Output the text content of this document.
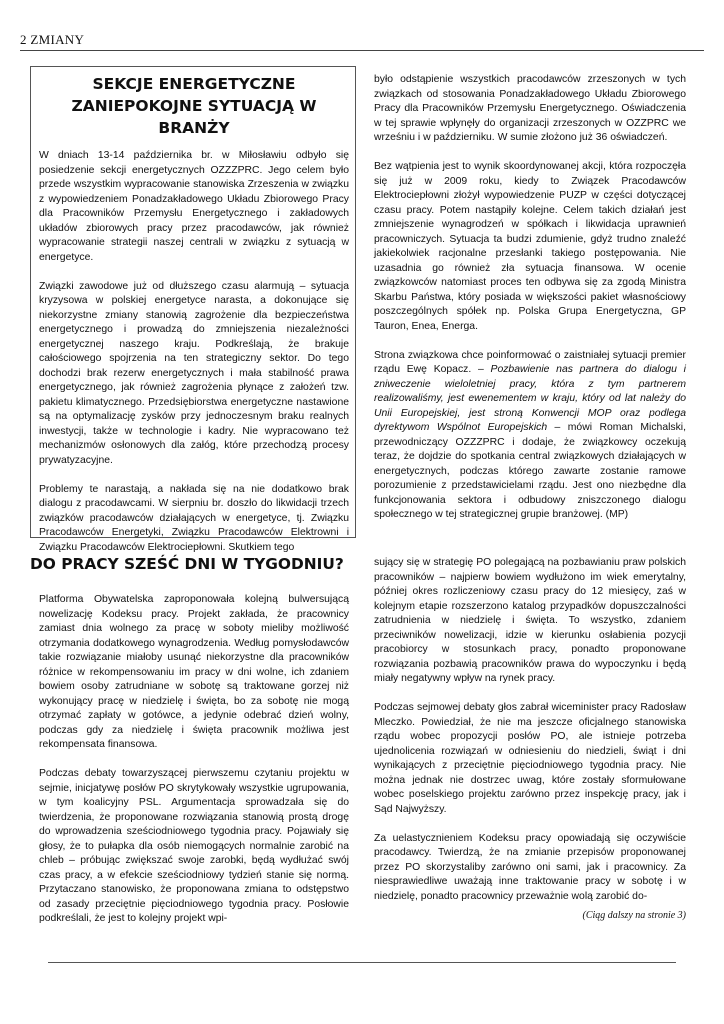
2 ZMIANY
SEKCJE ENERGETYCZNE
ZANIEPOKOJNE SYTUACJĄ W BRANŻY

W dniach 13-14 października br. w Miłosławiu odbyło się posiedzenie sekcji energetycznych OZZZPRC. Jego celem było przede wszystkim wypracowanie stanowiska Zrzeszenia w związku z wypowiedzeniem Ponadzakładowego Układu Zbiorowego Pracy dla Pracowników Przemysłu Energetycznego i zakładowych układów zbiorowych pracy przez pracodawców, jak również wypracowanie strategii naszej centrali w związku z sytuacją w energetyce.

Związki zawodowe już od dłuższego czasu alarmują – sytuacja kryzysowa w polskiej energetyce narasta, a dokonujące się niekorzystne zmiany stanowią zagrożenie dla bezpieczeństwa energetycznego i prowadzą do zmniejszenia niezależności energetycznej naszego kraju. Podkreślają, że brakuje całościowego spojrzenia na ten strategiczny sektor. Do tego dochodzi brak rezerw energetycznych i mała stabilność prawa energetycznego, jak również zagrożenia płynące z założeń tzw. pakietu klimatycznego. Przedsiębiorstwa energetyczne nastawione są na optymalizację zysków przy jednoczesnym braku realnych inwestycji, także w technologie i kadry. Nie wypracowano też mechanizmów osłonowych dla załóg, które przechodzą procesy prywatyzacyjne.

Problemy te narastają, a nakłada się na nie dodatkowo brak dialogu z pracodawcami. W sierpniu br. doszło do likwidacji trzech związków pracodawców działających w energetyce, tj. Związku Pracodawców Energetyki, Związku Pracodawców Elektrowni i Związku Pracodawców Elektrociepłowni. Skutkiem tego

było odstąpienie wszystkich pracodawców zrzeszonych w tych związkach od stosowania Ponadzakładowego Układu Zbiorowego Pracy dla Pracowników Przemysłu Energetycznego. Oświadczenia w tej sprawie wpłynęły do organizacji zrzeszonych w OZZPRC we wrześniu i w październiku. W sumie złożono już 36 oświadczeń.

Bez wątpienia jest to wynik skoordynowanej akcji, która rozpoczęła się już w 2009 roku, kiedy to Związek Pracodawców Elektrociepłowni złożył wypowiedzenie PUZP w części dotyczącej czasu pracy. Potem nastąpiły kolejne. Celem takich działań jest zmniejszenie wynagrodzeń w spółkach i likwidacja uprawnień pracowniczych. Sytuacja ta budzi zdumienie, gdyż trudno znaleźć jakiekolwiek racjonalne przesłanki takiego postępowania. Nie uzasadnia go również zła sytuacja finansowa. W ocenie związkowców natomiast proces ten odbywa się za zgodą Ministra Skarbu Państwa, który posiada w większości pakiet własnościowy poszczególnych spółek np. Polska Grupa Energetyczna, GP Tauron, Enea, Energa.

Strona związkowa chce poinformować o zaistniałej sytuacji premier rządu Ewę Kopacz. – Pozbawienie nas partnera do dialogu i zniweczenie wieloletniej pracy, która z tym partnerem realizowaliśmy, jest ewenementem w kraju, który od lat należy do Unii Europejskiej, jest stroną Konwencji MOP oraz podlega dyrektywom Wspólnot Europejskich – mówi Roman Michalski, przewodniczący OZZZPRC i dodaje, że związkowcy oczekują teraz, że dojdzie do spotkania central związkowych działających w energetycznych, podczas którego zawarte zostanie ramowe porozumienie z przedstawicielami rządu. Jest ono niezbędne dla funkcjonowania sektora i odbudowy zniszczonego dialogu społecznego w tej strategicznej grupie branżowej. (MP)

DO PRACY SZEŚĆ DNI W TYGODNIU?

Platforma Obywatelska zaproponowała kolejną bulwersującą nowelizację Kodeksu pracy. Projekt zakłada, że pracownicy zamiast dnia wolnego za pracę w soboty mieliby możliwość otrzymania dodatkowego wynagrodzenia. Według pomysłodawców takie rozwiązanie miałoby usunąć niekorzystne dla pracowników różnice w rekompensowaniu im pracy w dni wolne, ich zdaniem bowiem osoby zatrudniane w sobotę są traktowane gorzej niż wykonujący pracę w niedzielę i święta, bo za sobotę nie mogą otrzymać zapłaty w gotówce, a jedynie odebrać dzień wolny, podczas gdy za niedzielę i święta pracownik możliwa jest rekompensata finansowa.

Podczas debaty towarzyszącej pierwszemu czytaniu projektu w sejmie, inicjatywę posłów PO skrytykowały wszystkie ugrupowania, w tym koalicyjny PSL. Argumentacja sprowadzała się do twierdzenia, że proponowane rozwiązania stanowią prostą drogę do wprowadzenia sześciodniowego tygodnia pracy. Pojawiały się głosy, że to pułapka dla osób niemogących normalnie zarobić na chleb – próbując zwiększać swoje zarobki, będą wydłużać swój czas pracy, a w efekcie sześciodniowy tydzień stanie się normą. Przytaczano stanowisko, że proponowana zmiana to odstępstwo od zasady przeciętnie pięciodniowego tygodnia pracy. Posłowie podkreślali, że jest to kolejny projekt wpi-

sujący się w strategię PO polegającą na pozbawianiu praw polskich pracowników – najpierw bowiem wydłużono im wiek emerytalny, później okres rozliczeniowy czasu pracy do 12 miesięcy, zaś w kolejnym etapie rozszerzono katalog przypadków dopuszczalności zatrudnienia w niedzielę i święta. To wszystko, zdaniem przeciwników nowelizacji, idzie w kierunku osłabienia pozycji pracobiorcy w stosunkach pracy, ponadto proponowane rozwiązania pozbawią pracowników prawa do wypoczynku i będą miały negatywny wpływ na rynek pracy.

Podczas sejmowej debaty głos zabrał wiceminister pracy Radosław Mleczko. Powiedział, że nie ma jeszcze oficjalnego stanowiska rządu wobec propozycji posłów PO, ale istnieje potrzeba ujednolicenia rozwiązań w odniesieniu do niedzieli, świąt i dni wynikających z przeciętnie pięciodniowego tygodnia pracy. Nie można jednak nie dostrzec uwag, które zostały sformułowane wobec poselskiego projektu zarówno przez inspekcję pracy, jak i Sąd Najwyższy.

Za uelastycznieniem Kodeksu pracy opowiadają się oczywiście pracodawcy. Twierdzą, że na zmianie przepisów proponowanej przez PO skorzystaliby zarówno oni sami, jak i pracownicy. Za niesprawiedliwe uważają inne traktowanie pracy w sobotę i w niedzielę, ponadto pracownicy przeważnie wolą zarobić do-

(Ciąg dalszy na stronie 3)
